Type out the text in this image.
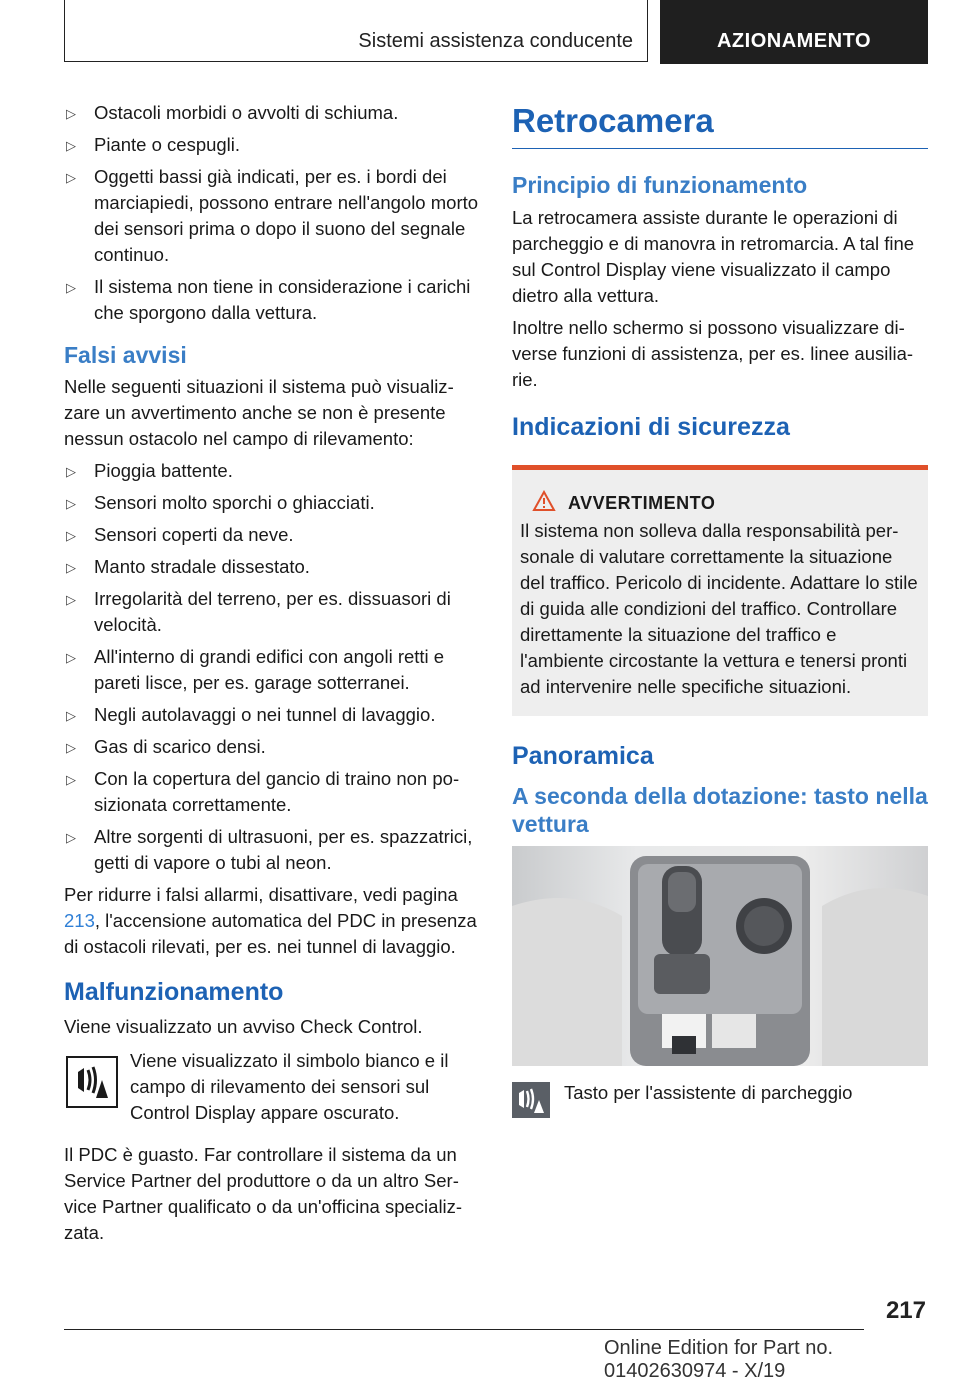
Sistemi assistenza conducente	AZIONAMENTO
▷ Ostacoli morbidi o avvolti di schiuma.
▷ Piante o cespugli.
▷ Oggetti bassi già indicati, per es. i bordi dei marciapiedi, possono entrare nell'angolo morto dei sensori prima o dopo il suono del segnale continuo.
▷ Il sistema non tiene in considerazione i carichi che sporgono dalla vettura.
Falsi avvisi

Nelle seguenti situazioni il sistema può visualizzare un avvertimento anche se non è presente nessun ostacolo nel campo di rilevamento:

▷ Pioggia battente.
▷ Sensori molto sporchi o ghiacciati.
▷ Sensori coperti da neve.
▷ Manto stradale dissestato.
▷ Irregolarità del terreno, per es. dissuasori di velocità.
▷ All'interno di grandi edifici con angoli retti e pareti lisce, per es. garage sotterranei.
▷ Negli autolavaggi o nei tunnel di lavaggio.
▷ Gas di scarico densi.
▷ Con la copertura del gancio di traino non posizionata correttamente.
▷ Altre sorgenti di ultrasuoni, per es. spazzatrici, getti di vapore o tubi al neon.

Per ridurre i falsi allarmi, disattivare, vedi pagina 213, l'accensione automatica del PDC in presenza di ostacoli rilevati, per es. nei tunnel di lavaggio.

Malfunzionamento

Viene visualizzato un avviso Check Control.

Viene visualizzato il simbolo bianco e il campo di rilevamento dei sensori sul Control Display appare oscurato.

Il PDC è guasto. Far controllare il sistema da un Service Partner del produttore o da un altro Service Partner qualificato o da un'officina specializzata.

Retrocamera
Principio di funzionamento

La retrocamera assiste durante le operazioni di parcheggio e di manovra in retromarcia. A tal fine sul Control Display viene visualizzato il campo dietro alla vettura.

Inoltre nello schermo si possono visualizzare diverse funzioni di assistenza, per es. linee ausiliarie.

Indicazioni di sicurezza
AVVERTIMENTO
Il sistema non solleva dalla responsabilità personale di valutare correttamente la situazione del traffico. Pericolo di incidente. Adattare lo stile di guida alle condizioni del traffico. Controllare direttamente la situazione del traffico e l'ambiente circostante la vettura e tenersi pronti ad intervenire nelle specifiche situazioni.
Panoramica
A seconda della dotazione: tasto nella vettura
Tasto per l'assistente di parcheggio
217
Online Edition for Part no. 01402630974 - X/19
